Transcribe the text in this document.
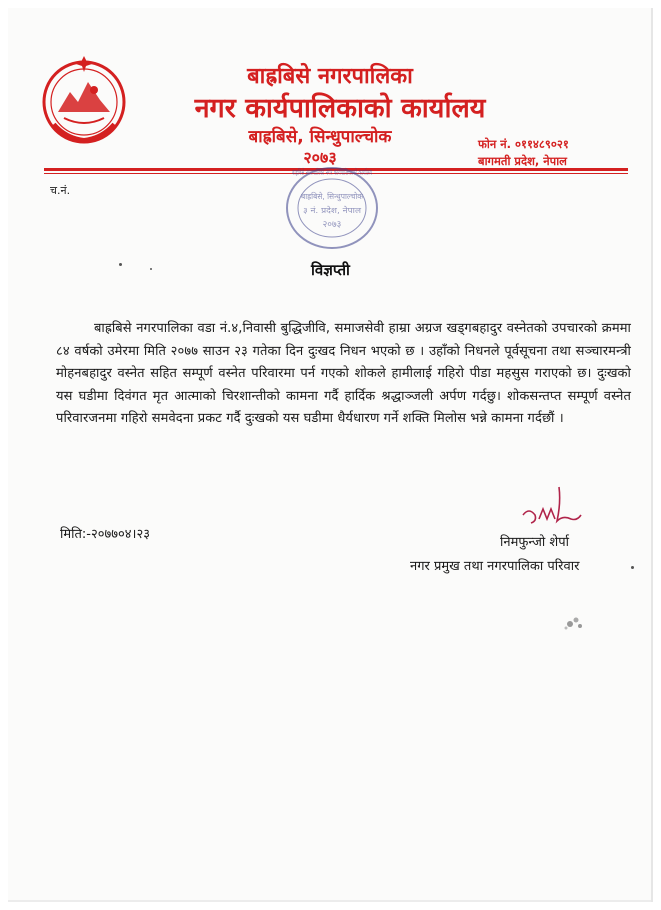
बाह्रबिसे नगरपालिका
नगर कार्यपालिकाको कार्यालय
बाह्रबिसे, सिन्धुपाल्चोक
२०७३
फोन नं. ०११४८९०२१
बागमती प्रदेश, नेपाल
च.नं.
बाह्रबिसे नगरपालिका नगर कार्यपालिकाको कार्यालय
बाह्रबिसे, सिन्धुपाल्चोक
३ नं. प्रदेश, नेपाल
२०७३
विज्ञप्ती
बाह्रबिसे नगरपालिका वडा नं.४,निवासी बुद्धिजीवि, समाजसेवी हाम्रा अग्रज खड्गबहादुर वस्नेतको उपचारको क्रममा ८४ वर्षको उमेरमा मिति २०७७ साउन २३ गतेका दिन दुःखद निधन भएको छ । उहाँको निधनले पूर्वसूचना तथा सञ्चारमन्त्री मोहनबहादुर वस्नेत सहित सम्पूर्ण वस्नेत परिवारमा पर्न गएको शोकले हामीलाई गहिरो पीडा महसुस गराएको छ। दुःखको यस घडीमा दिवंगत मृत आत्माको चिरशान्तीको कामना गर्दै हार्दिक श्रद्धाञ्जली अर्पण गर्दछु। शोकसन्तप्त सम्पूर्ण वस्नेत परिवारजनमा गहिरो समवेदना प्रकट गर्दै दुःखको यस घडीमा धैर्यधारण गर्ने शक्ति मिलोस भन्ने कामना गर्दछौं ।
मिति:-२०७७०४।२३
निमफुन्जो शेर्पा
नगर प्रमुख तथा नगरपालिका परिवार
